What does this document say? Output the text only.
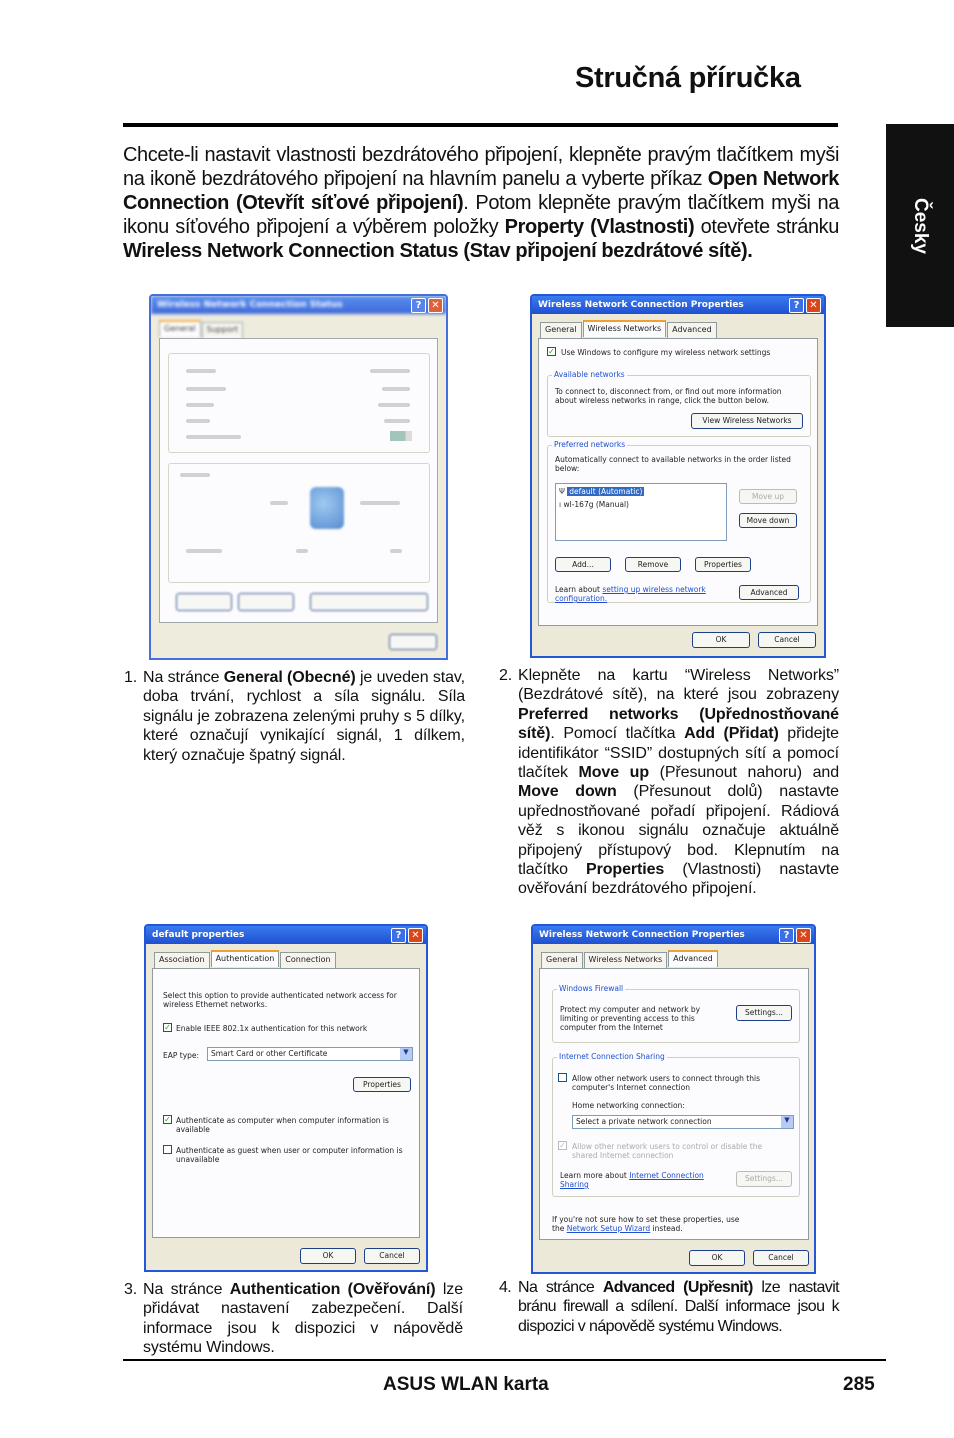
Stručná příručka
Česky

Chcete-li nastavit vlastnosti bezdrátového připojení, klepněte pravým tlačítkem myši na ikoně bezdrátového připojení na hlavním panelu a vyberte příkaz Open Network Connection (Otevřít síťové připojení). Potom klepněte pravým tlačítkem myši na ikonu síťového připojení a výběrem položky Property (Vlastnosti) otevřete stránku Wireless Network Connection Status (Stav připojení bezdrátové sítě).

Wireless Network Connection Status	? ✕
General	Support
Wireless Network Connection Properties	? ✕
General	Wireless Networks	Advanced
✓ Use Windows to configure my wireless network settings
Available networks
To connect to, disconnect from, or find out more information about wireless networks in range, click the button below.
View Wireless Networks
Preferred networks
Automatically connect to available networks in the order listed below:
Ψ default (Automatic)
ı wl-167g (Manual)
Move up
Move down
Add...	Remove	Properties
Learn about setting up wireless network configuration.
Advanced
OK	Cancel

1. Na stránce General (Obecné) je uveden stav, doba trvání, rychlost a síla signálu. Síla signálu je zobrazena zelenými pruhy s 5 dílky, které označují vynikající signál, 1 dílkem, který označuje špatný signál.

2. Klepněte na kartu “Wireless Networks” (Bezdrátové sítě), na které jsou zobrazeny Preferred networks (Upřednostňované sítě). Pomocí tlačítka Add (Přidat) přidejte identifikátor “SSID” dostupných sítí a pomocí tlačítek Move up (Přesunout nahoru) and Move down (Přesunout dolů) nastavte upřednostňované pořadí připojení. Rádiová věž s ikonou signálu označuje aktuálně připojený přístupový bod. Klepnutím na tlačítko Properties (Vlastnosti) nastavte ověřování bezdrátového připojení.

default properties	? ✕
Association	Authentication	Connection
Select this option to provide authenticated network access for wireless Ethernet networks.
✓ Enable IEEE 802.1x authentication for this network
EAP type:	Smart Card or other Certificate	▼
Properties
✓ Authenticate as computer when computer information is available
Authenticate as guest when user or computer information is unavailable
OK	Cancel
Wireless Network Connection Properties	? ✕
General	Wireless Networks	Advanced
Windows Firewall
Protect my computer and network by limiting or preventing access to this computer from the Internet
Settings...
Internet Connection Sharing
Allow other network users to connect through this computer's Internet connection
Home networking connection:
Select a private network connection	▼
✓ Allow other network users to control or disable the shared Internet connection
Learn more about Internet Connection Sharing
Settings...
If you're not sure how to set these properties, use the Network Setup Wizard instead.
OK	Cancel

3. Na stránce Authentication (Ověřování) lze přidávat nastavení zabezpečení. Další informace jsou k dispozici v nápovědě systému Windows.

4. Na stránce Advanced (Upřesnit) lze nastavit bránu firewall a sdílení. Další informace jsou k dispozici v nápovědě systému Windows.

ASUS WLAN karta	285
